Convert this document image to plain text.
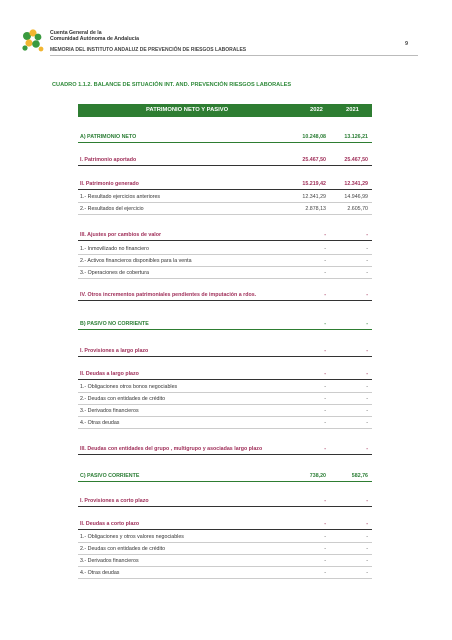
Cuenta General de la
Comunidad Autónoma de Andalucía
MEMORIA DEL INSTITUTO ANDALUZ DE PREVENCIÓN DE RIESGOS LABORALES
9
CUADRO 1.1.2. BALANCE DE SITUACIÓN INT. AND. PREVENCIÓN RIESGOS LABORALES
PATRIMONIO NETO Y PASIVO	2022	2021
A) PATRIMONIO NETO	10.248,08	13.126,21
I. Patrimonio aportado	25.467,50	25.467,50
II. Patrimonio generado	15.219,42	12.341,29
1.- Resultado ejercicios anteriores	12.341,29	14.946,99
2.- Resultados del ejercicio	2.878,13	2.605,70
III. Ajustes por cambios de valor	-	-
1.- Inmovilizado no financiero	-	-
2.- Activos financieros disponibles para la venta	-	-
3.- Operaciones de cobertura	-	-
IV. Otros incrementos patrimoniales pendientes de imputación a rdos.	-	-
B) PASIVO NO CORRIENTE	-	-
I. Provisiones a largo plazo	-	-
II. Deudas a largo plazo	-	-
1.- Obligaciones otros bonos negociables	-	-
2.- Deudas con entidades de crédito	-	-
3.- Derivados financieros	-	-
4.- Otras deudas	-	-
III. Deudas con entidades del grupo , multigrupo y asociadas largo plazo	-	-
C) PASIVO CORRIENTE	738,20	582,76
I. Provisiones a corto plazo	-	-
II. Deudas a corto plazo	-	-
1.- Obligaciones y otros valores negociables	-	-
2.- Deudas con entidades de crédito	-	-
3.- Derivados financieros	-	-
4.- Otras deudas	-	-
